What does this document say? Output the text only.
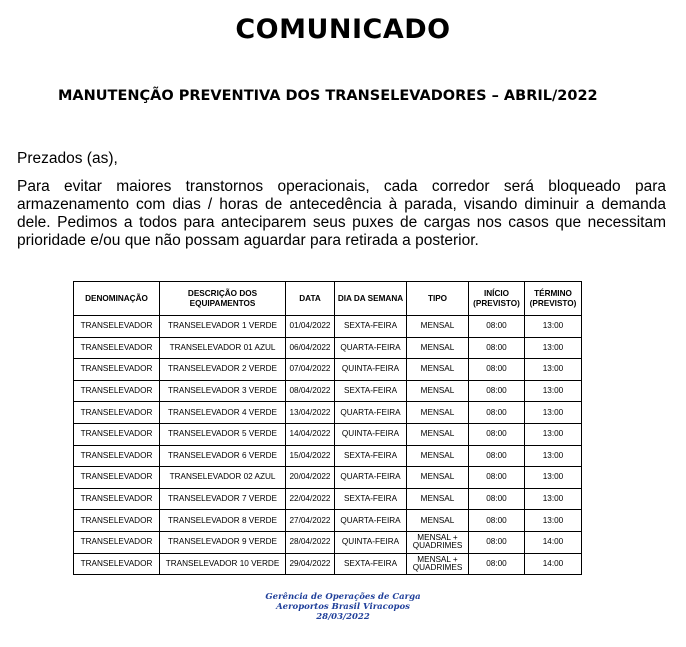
COMUNICADO
MANUTENÇÃO PREVENTIVA DOS TRANSELEVADORES – ABRIL/2022
Prezados (as),
Para evitar maiores transtornos operacionais, cada corredor será bloqueado para armazenamento com dias / horas de antecedência à parada, visando diminuir a demanda dele. Pedimos a todos para anteciparem seus puxes de cargas nos casos que necessitam prioridade e/ou que não possam aguardar para retirada a posterior.
DENOMINAÇÃO	DESCRIÇÃO DOS EQUIPAMENTOS	DATA	DIA DA SEMANA	TIPO	INÍCIO (PREVISTO)	TÉRMINO (PREVISTO)
TRANSELEVADOR	TRANSELEVADOR 1 VERDE	01/04/2022	SEXTA-FEIRA	MENSAL	08:00	13:00
TRANSELEVADOR	TRANSELEVADOR 01 AZUL	06/04/2022	QUARTA-FEIRA	MENSAL	08:00	13:00
TRANSELEVADOR	TRANSELEVADOR 2 VERDE	07/04/2022	QUINTA-FEIRA	MENSAL	08:00	13:00
TRANSELEVADOR	TRANSELEVADOR 3 VERDE	08/04/2022	SEXTA-FEIRA	MENSAL	08:00	13:00
TRANSELEVADOR	TRANSELEVADOR 4 VERDE	13/04/2022	QUARTA-FEIRA	MENSAL	08:00	13:00
TRANSELEVADOR	TRANSELEVADOR 5 VERDE	14/04/2022	QUINTA-FEIRA	MENSAL	08:00	13:00
TRANSELEVADOR	TRANSELEVADOR 6 VERDE	15/04/2022	SEXTA-FEIRA	MENSAL	08:00	13:00
TRANSELEVADOR	TRANSELEVADOR 02 AZUL	20/04/2022	QUARTA-FEIRA	MENSAL	08:00	13:00
TRANSELEVADOR	TRANSELEVADOR 7 VERDE	22/04/2022	SEXTA-FEIRA	MENSAL	08:00	13:00
TRANSELEVADOR	TRANSELEVADOR 8 VERDE	27/04/2022	QUARTA-FEIRA	MENSAL	08:00	13:00
TRANSELEVADOR	TRANSELEVADOR 9 VERDE	28/04/2022	QUINTA-FEIRA	MENSAL + QUADRIMES	08:00	14:00
TRANSELEVADOR	TRANSELEVADOR 10 VERDE	29/04/2022	SEXTA-FEIRA	MENSAL + QUADRIMES	08:00	14:00
Gerência de Operações de Carga
Aeroportos Brasil Viracopos
28/03/2022
